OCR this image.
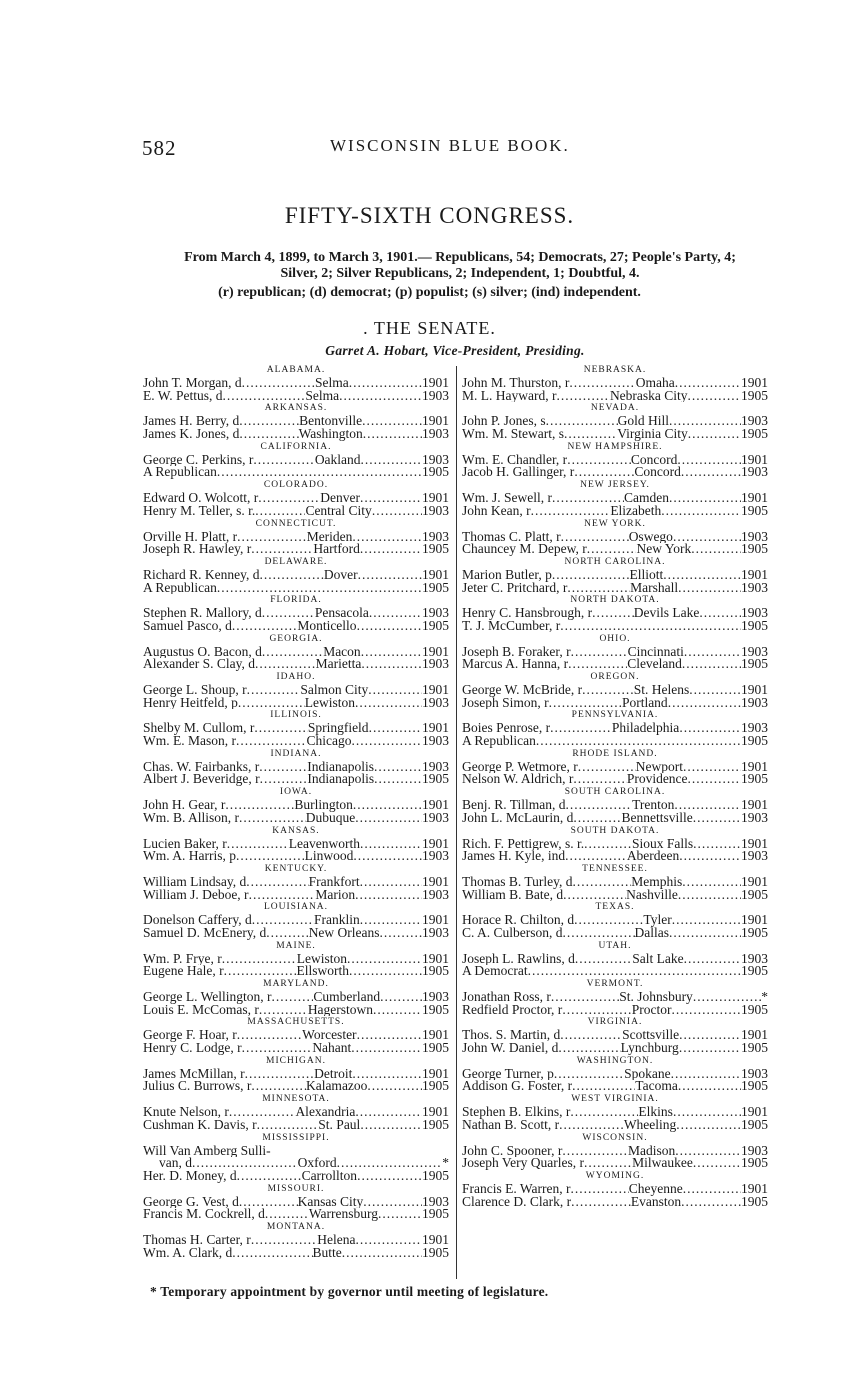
582	WISCONSIN BLUE BOOK.
FIFTY-SIXTH CONGRESS.
From March 4, 1899, to March 3, 1901.— Republicans, 54; Democrats, 27; People's Party, 4;
Silver, 2; Silver Republicans, 2; Independent, 1; Doubtful, 4.
(r) republican; (d) democrat; (p) populist; (s) silver; (ind) independent.
. THE SENATE.
Garret A. Hobart, Vice-President, Presiding.
ALABAMA.
John T. Morgan, d .....	Selma .....	1901
E. W. Pettus, d .....	Selma .....	1903
ARKANSAS.
James H. Berry, d .....	Bentonville .....	1901
James K. Jones, d .....	Washington .....	1903
CALIFORNIA.
George C. Perkins, r .....	Oakland .....	1903
A Republican .....	1905
COLORADO.
Edward O. Wolcott, r .....	Denver .....	1901
Henry M. Teller, s. r. .....	Central City .....	1903
CONNECTICUT.
Orville H. Platt, r .....	Meriden .....	1903
Joseph R. Hawley, r .....	Hartford .....	1905
DELAWARE.
Richard R. Kenney, d .....	Dover .....	1901
A Republican .....	1905
FLORIDA.
Stephen R. Mallory, d .....	Pensacola .....	1903
Samuel Pasco, d .....	Monticello .....	1905
GEORGIA.
Augustus O. Bacon, d .....	Macon .....	1901
Alexander S. Clay, d .....	Marietta .....	1903
IDAHO.
George L. Shoup, r .....	Salmon City .....	1901
Henry Heitfeld, p .....	Lewiston .....	1903
ILLINOIS.
Shelby M. Cullom, r .....	Springfield .....	1901
Wm. E. Mason, r .....	Chicago .....	1903
INDIANA.
Chas. W. Fairbanks, r .....	Indianapolis .....	1903
Albert J. Beveridge, r .....	Indianapolis .....	1905
IOWA.
John H. Gear, r .....	Burlington .....	1901
Wm. B. Allison, r .....	Dubuque .....	1903
KANSAS.
Lucien Baker, r .....	Leavenworth .....	1901
Wm. A. Harris, p .....	Linwood .....	1903
KENTUCKY.
William Lindsay, d .....	Frankfort .....	1901
William J. Deboe, r .....	Marion .....	1903
LOUISIANA.
Donelson Caffery, d .....	Franklin .....	1901
Samuel D. McEnery, d .....	New Orleans .....	1903
MAINE.
Wm. P. Frye, r .....	Lewiston .....	1901
Eugene Hale, r .....	Ellsworth .....	1905
MARYLAND.
George L. Wellington, r .....	Cumberland .....	1903
Louis E. McComas, r .....	Hagerstown .....	1905
MASSACHUSETTS.
George F. Hoar, r .....	Worcester .....	1901
Henry C. Lodge, r .....	Nahant .....	1905
MICHIGAN.
James McMillan, r .....	Detroit .....	1901
Julius C. Burrows, r .....	Kalamazoo .....	1905
MINNESOTA.
Knute Nelson, r .....	Alexandria .....	1901
Cushman K. Davis, r .....	St. Paul .....	1905
MISSISSIPPI.
Will Van Amberg Sulli-
van, d .....	Oxford .....	*
Her. D. Money, d .....	Carrollton .....	1905
MISSOURI.
George G. Vest, d .....	Kansas City .....	1903
Francis M. Cockrell, d .....	Warrensburg .....	1905
MONTANA.
Thomas H. Carter, r .....	Helena .....	1901
Wm. A. Clark, d .....	Butte .....	1905
NEBRASKA.
John M. Thurston, r .....	Omaha .....	1901
M. L. Hayward, r .....	Nebraska City .....	1905
NEVADA.
John P. Jones, s .....	Gold Hill .....	1903
Wm. M. Stewart, s .....	Virginia City .....	1905
NEW HAMPSHIRE.
Wm. E. Chandler, r .....	Concord .....	1901
Jacob H. Gallinger, r .....	Concord .....	1903
NEW JERSEY.
Wm. J. Sewell, r .....	Camden .....	1901
John Kean, r .....	Elizabeth .....	1905
NEW YORK.
Thomas C. Platt, r .....	Oswego .....	1903
Chauncey M. Depew, r .....	New York .....	1905
NORTH CAROLINA.
Marion Butler, p .....	Elliott .....	1901
Jeter C. Pritchard, r .....	Marshall .....	1903
NORTH DAKOTA.
Henry C. Hansbrough, r .....	Devils Lake .....	1903
T. J. McCumber, r .....	1905
OHIO.
Joseph B. Foraker, r .....	Cincinnati .....	1903
Marcus A. Hanna, r .....	Cleveland .....	1905
OREGON.
George W. McBride, r .....	St. Helens .....	1901
Joseph Simon, r .....	Portland .....	1903
PENNSYLVANIA.
Boies Penrose, r .....	Philadelphia .....	1903
A Republican .....	1905
RHODE ISLAND.
George P. Wetmore, r .....	Newport .....	1901
Nelson W. Aldrich, r .....	Providence .....	1905
SOUTH CAROLINA.
Benj. R. Tillman, d .....	Trenton .....	1901
John L. McLaurin, d .....	Bennettsville .....	1903
SOUTH DAKOTA.
Rich. F. Pettigrew, s. r. .....	Sioux Falls .....	1901
James H. Kyle, ind .....	Aberdeen .....	1903
TENNESSEE.
Thomas B. Turley, d .....	Memphis .....	1901
William B. Bate, d .....	Nashville .....	1905
TEXAS.
Horace R. Chilton, d .....	Tyler .....	1901
C. A. Culberson, d .....	Dallas .....	1905
UTAH.
Joseph L. Rawlins, d .....	Salt Lake .....	1903
A Democrat .....	1905
VERMONT.
Jonathan Ross, r .....	St. Johnsbury .....	*
Redfield Proctor, r .....	Proctor .....	1905
VIRGINIA.
Thos. S. Martin, d .....	Scottsville .....	1901
John W. Daniel, d .....	Lynchburg .....	1905
WASHINGTON.
George Turner, p .....	Spokane .....	1903
Addison G. Foster, r .....	Tacoma .....	1905
WEST VIRGINIA.
Stephen B. Elkins, r .....	Elkins .....	1901
Nathan B. Scott, r .....	Wheeling .....	1905
WISCONSIN.
John C. Spooner, r .....	Madison .....	1903
Joseph Very Quarles, r .....	Milwaukee .....	1905
WYOMING.
Francis E. Warren, r .....	Cheyenne .....	1901
Clarence D. Clark, r .....	Evanston .....	1905
* Temporary appointment by governor until meeting of legislature.
